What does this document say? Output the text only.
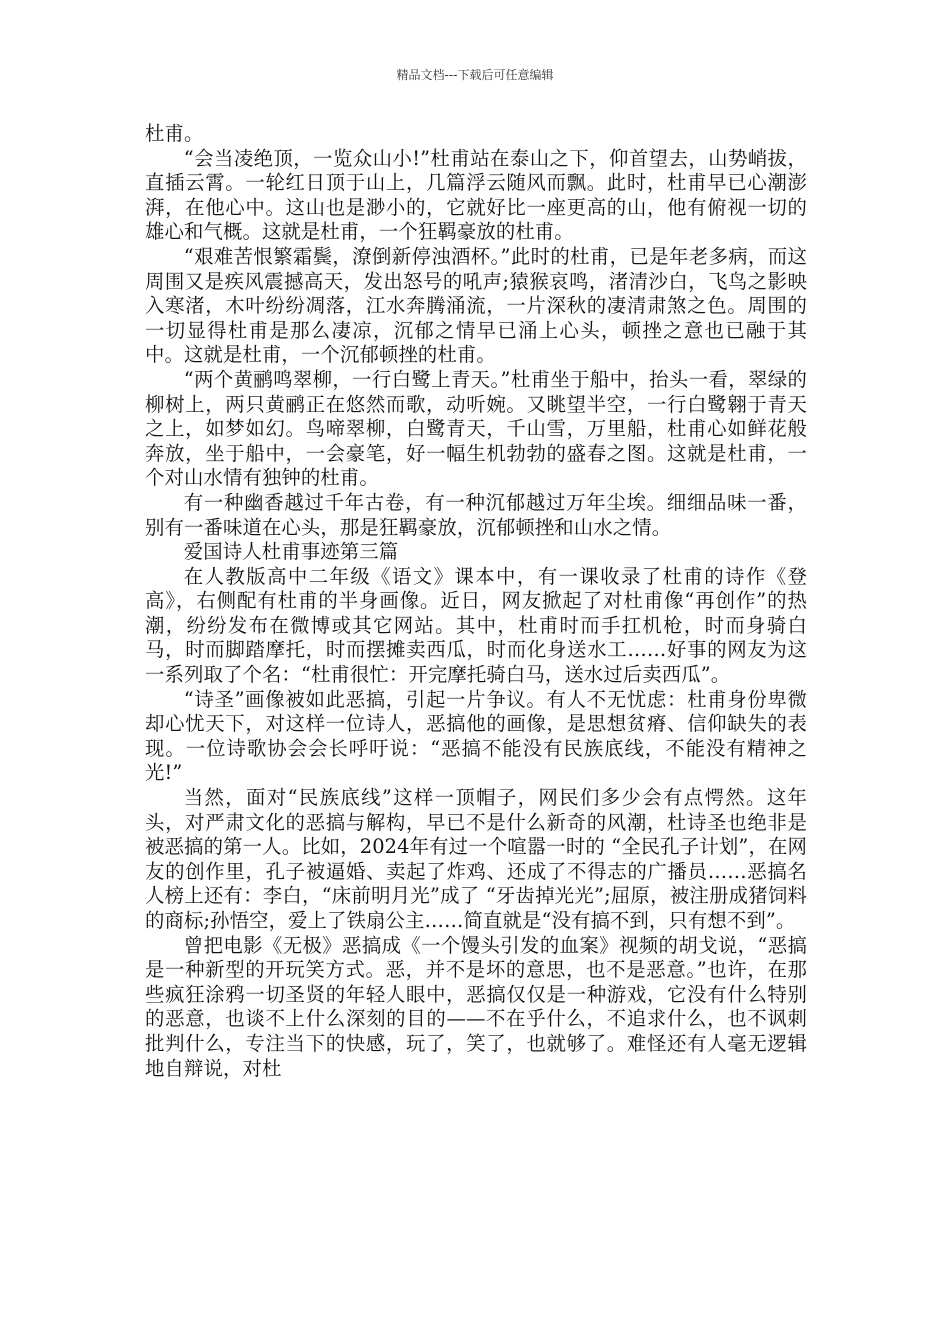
精品文档---下载后可任意编辑

杜甫。

“会当凌绝顶，一览众山小!”杜甫站在泰山之下，仰首望去，山势峭拔，直插云霄。一轮红日顶于山上，几篇浮云随风而飘。此时，杜甫早已心潮澎湃，在他心中。这山也是渺小的，它就好比一座更高的山，他有俯视一切的雄心和气概。这就是杜甫，一个狂羁豪放的杜甫。

“艰难苦恨繁霜鬓，潦倒新停浊酒杯。”此时的杜甫，已是年老多病，而这周围又是疾风震撼高天，发出怒号的吼声;猿猴哀鸣，渚清沙白，飞鸟之影映入寒渚，木叶纷纷凋落，江水奔腾涌流，一片深秋的凄清肃煞之色。周围的一切显得杜甫是那么凄凉，沉郁之情早已涌上心头，顿挫之意也已融于其中。这就是杜甫，一个沉郁顿挫的杜甫。

“两个黄鹂鸣翠柳，一行白鹭上青天。”杜甫坐于船中，抬头一看，翠绿的柳树上，两只黄鹂正在悠然而歌，动听婉。又眺望半空，一行白鹭翱于青天之上，如梦如幻。鸟啼翠柳，白鹭青天，千山雪，万里船，杜甫心如鲜花般奔放，坐于船中，一会豪笔，好一幅生机勃勃的盛春之图。这就是杜甫，一个对山水情有独钟的杜甫。

有一种幽香越过千年古卷，有一种沉郁越过万年尘埃。细细品味一番，别有一番味道在心头，那是狂羁豪放，沉郁顿挫和山水之情。

爱国诗人杜甫事迹第三篇

在人教版高中二年级《语文》课本中，有一课收录了杜甫的诗作《登高》，右侧配有杜甫的半身画像。近日，网友掀起了对杜甫像“再创作”的热潮，纷纷发布在微博或其它网站。其中，杜甫时而手扛机枪，时而身骑白马，时而脚踏摩托，时而摆摊卖西瓜，时而化身送水工……好事的网友为这一系列取了个名：“杜甫很忙：开完摩托骑白马，送水过后卖西瓜”。

“诗圣”画像被如此恶搞，引起一片争议。有人不无忧虑：杜甫身份卑微却心忧天下，对这样一位诗人，恶搞他的画像，是思想贫瘠、信仰缺失的表现。一位诗歌协会会长呼吁说：“恶搞不能没有民族底线，不能没有精神之光!”

当然，面对“民族底线”这样一顶帽子，网民们多少会有点愕然。这年头，对严肃文化的恶搞与解构，早已不是什么新奇的风潮，杜诗圣也绝非是被恶搞的第一人。比如，2024年有过一个喧嚣一时的 “全民孔子计划”，在网友的创作里，孔子被逼婚、卖起了炸鸡、还成了不得志的广播员……恶搞名人榜上还有：李白，“床前明月光”成了 “牙齿掉光光”;屈原，被注册成猪饲料的商标;孙悟空，爱上了铁扇公主……简直就是“没有搞不到，只有想不到”。

曾把电影《无极》恶搞成《一个馒头引发的血案》视频的胡戈说，“恶搞是一种新型的开玩笑方式。恶，并不是坏的意思，也不是恶意。”也许，在那些疯狂涂鸦一切圣贤的年轻人眼中，恶搞仅仅是一种游戏，它没有什么特别的恶意，也谈不上什么深刻的目的——不在乎什么，不追求什么，也不讽刺批判什么，专注当下的快感，玩了，笑了，也就够了。难怪还有人毫无逻辑地自辩说，对杜
